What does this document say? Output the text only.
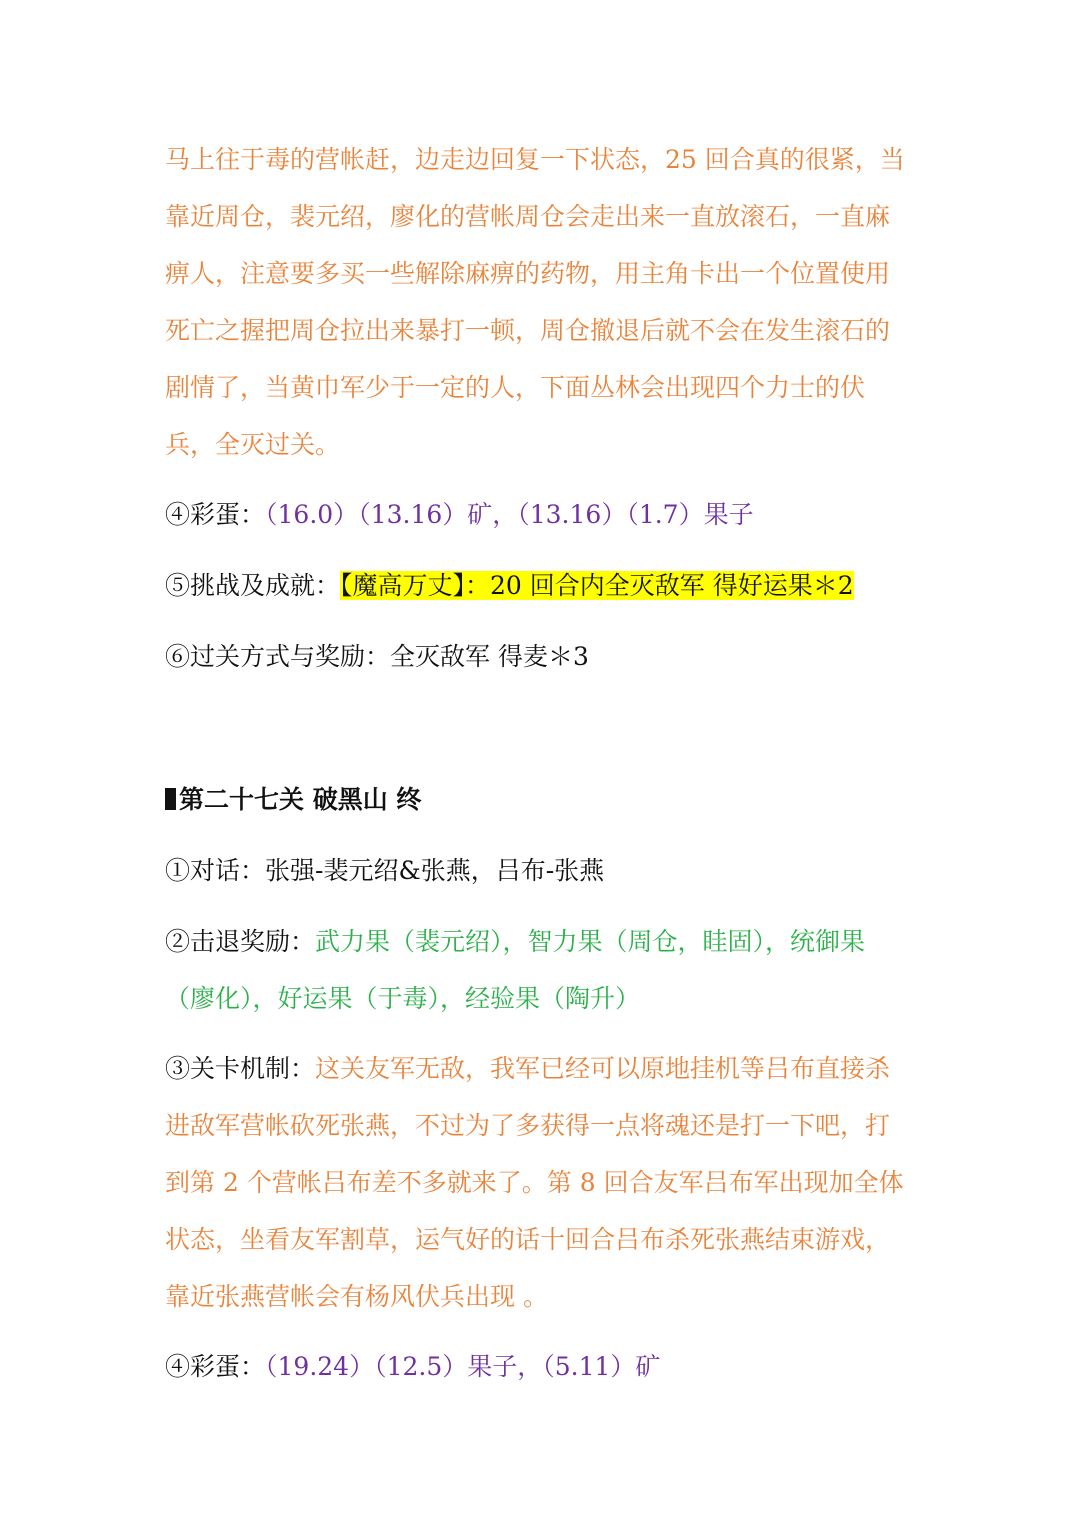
马上往于毒的营帐赶，边走边回复一下状态，25 回合真的很紧，当
靠近周仓，裴元绍，廖化的营帐周仓会走出来一直放滚石，一直麻
痹人，注意要多买一些解除麻痹的药物，用主角卡出一个位置使用
死亡之握把周仓拉出来暴打一顿，周仓撤退后就不会在发生滚石的
剧情了，当黄巾军少于一定的人，下面丛林会出现四个力士的伏
兵，全灭过关。
④彩蛋：（16.0）（13.16）矿，（13.16）（1.7）果子
⑤挑战及成就：【魔高万丈】：20 回合内全灭敌军 得好运果＊2
⑥过关方式与奖励：全灭敌军 得麦＊3
第二十七关 破黑山 终
①对话：张强-裴元绍&张燕，吕布-张燕
②击退奖励：武力果（裴元绍），智力果（周仓，眭固），统御果
（廖化），好运果（于毒），经验果（陶升）
③关卡机制：这关友军无敌，我军已经可以原地挂机等吕布直接杀
进敌军营帐砍死张燕，不过为了多获得一点将魂还是打一下吧，打
到第 2 个营帐吕布差不多就来了。第 8 回合友军吕布军出现加全体
状态，坐看友军割草，运气好的话十回合吕布杀死张燕结束游戏，
靠近张燕营帐会有杨风伏兵出现 。
④彩蛋：（19.24）（12.5）果子，（5.11）矿
